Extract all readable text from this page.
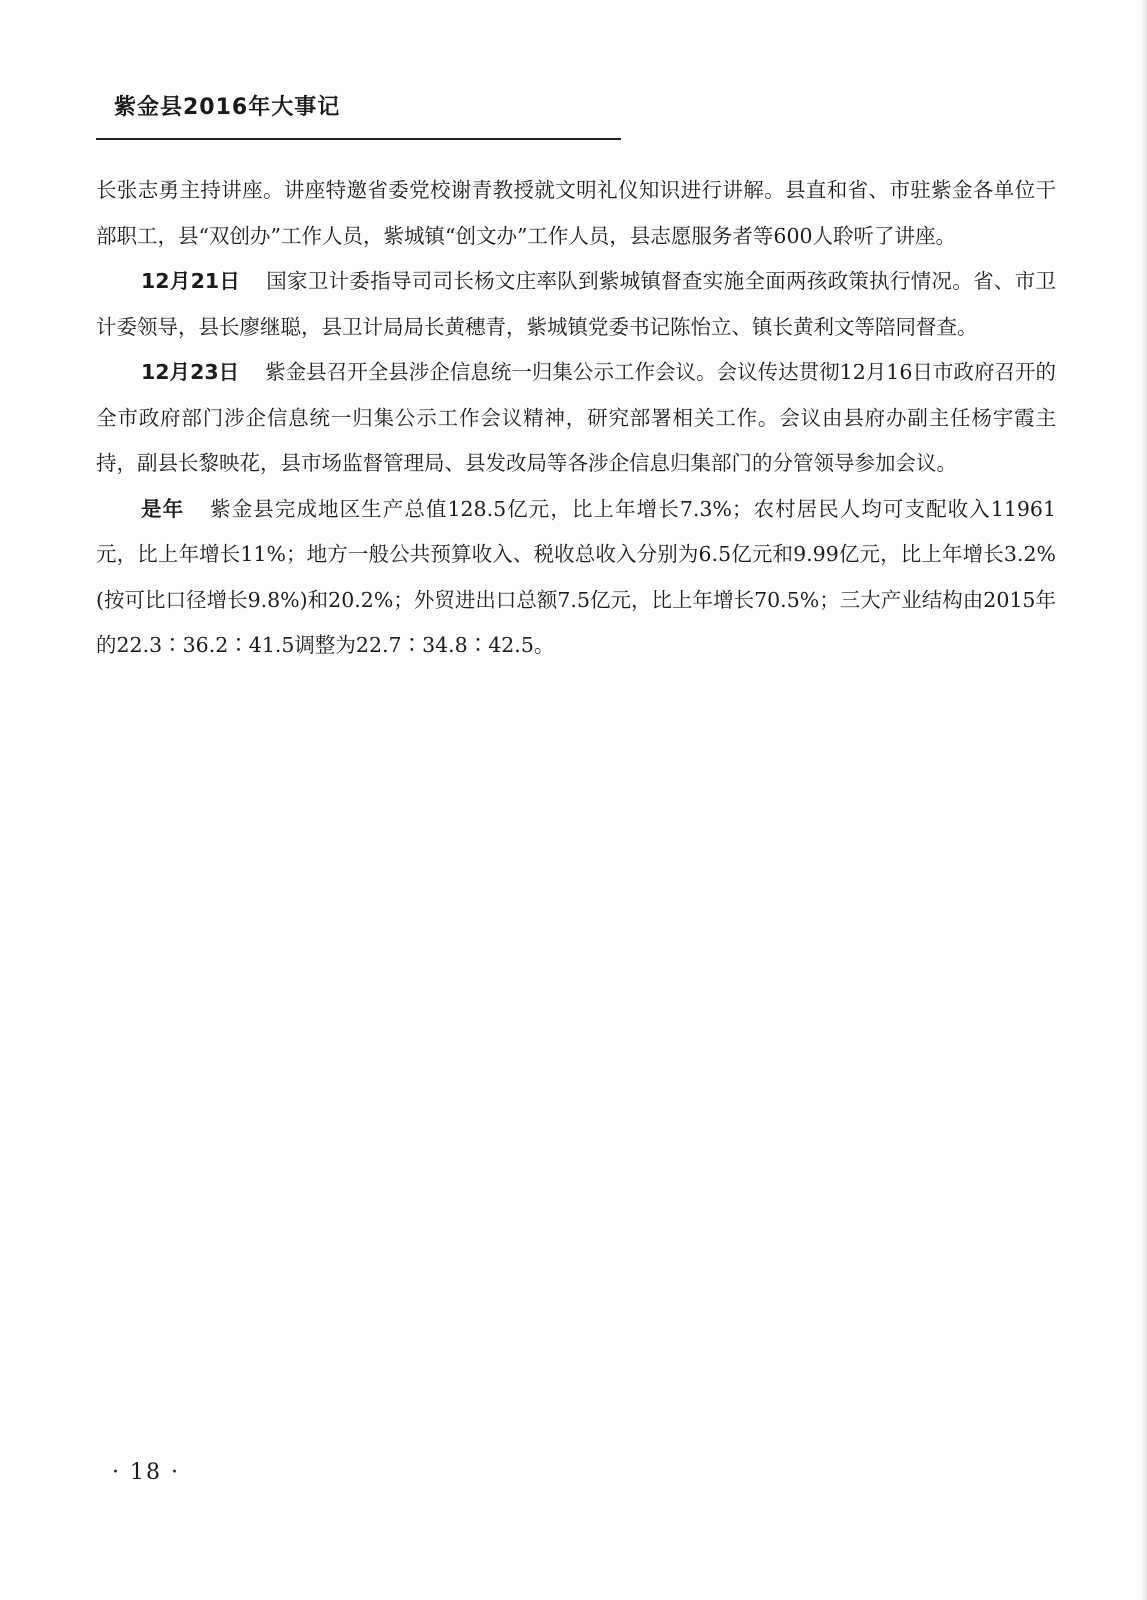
紫金县2016年大事记

长张志勇主持讲座。讲座特邀省委党校谢青教授就文明礼仪知识进行讲解。县直和省、市驻紫金各单位干部职工，县“双创办”工作人员，紫城镇“创文办”工作人员，县志愿服务者等600人聆听了讲座。

12月21日 国家卫计委指导司司长杨文庄率队到紫城镇督查实施全面两孩政策执行情况。省、市卫计委领导，县长廖继聪，县卫计局局长黄穗青，紫城镇党委书记陈怡立、镇长黄利文等陪同督查。

12月23日 紫金县召开全县涉企信息统一归集公示工作会议。会议传达贯彻12月16日市政府召开的全市政府部门涉企信息统一归集公示工作会议精神，研究部署相关工作。会议由县府办副主任杨宇霞主持，副县长黎映花，县市场监督管理局、县发改局等各涉企信息归集部门的分管领导参加会议。

是年 紫金县完成地区生产总值128.5亿元，比上年增长7.3%；农村居民人均可支配收入11961元，比上年增长11%；地方一般公共预算收入、税收总收入分别为6.5亿元和9.99亿元，比上年增长3.2%(按可比口径增长9.8%)和20.2%；外贸进出口总额7.5亿元，比上年增长70.5%；三大产业结构由2015年的22.3∶36.2∶41.5调整为22.7∶34.8∶42.5。

· 18 ·
